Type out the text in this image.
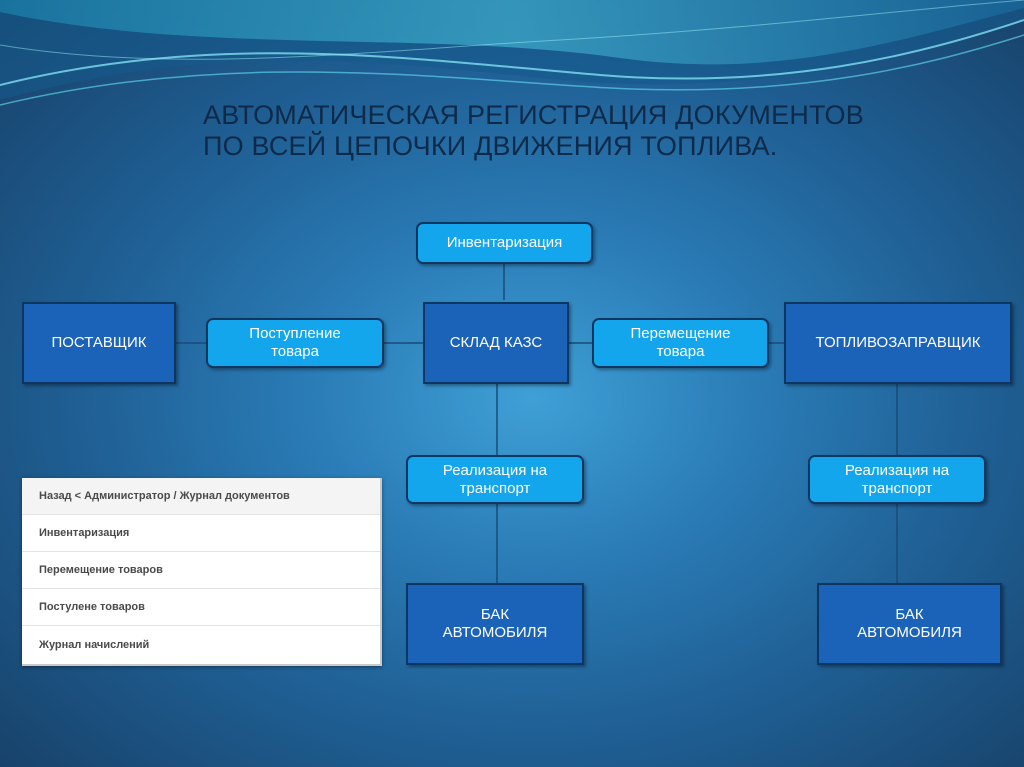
АВТОМАТИЧЕСКАЯ РЕГИСТРАЦИЯ ДОКУМЕНТОВ
ПО ВСЕЙ ЦЕПОЧКИ ДВИЖЕНИЯ ТОПЛИВА.
Инвентаризация
ПОСТАВЩИК
Поступление товара
СКЛАД КАЗС
Перемещение товара
ТОПЛИВОЗАПРАВЩИК
Реализация на транспорт
Реализация на транспорт
БАК АВТОМОБИЛЯ
БАК АВТОМОБИЛЯ
Назад < Администратор / Журнал документов
Инвентаризация
Перемещение товаров
Постулене товаров
Журнал начислений
